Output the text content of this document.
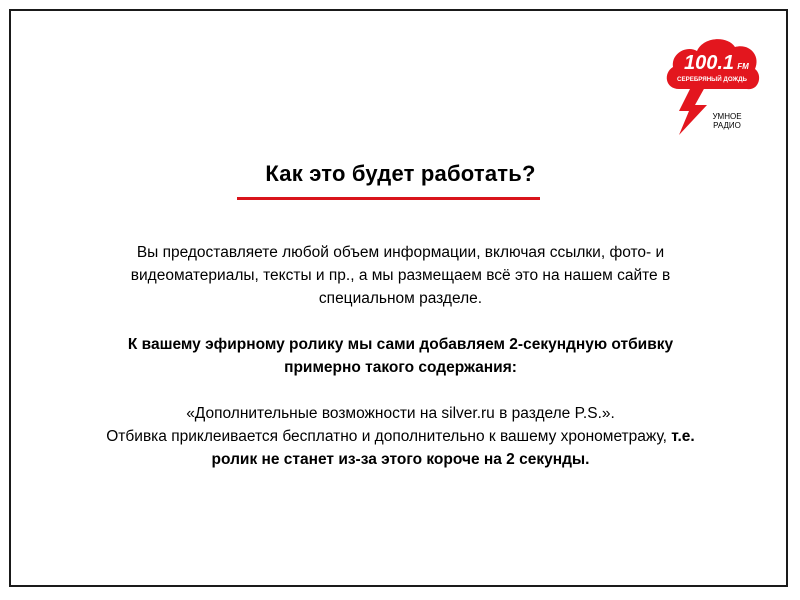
100.1 FM
СЕРЕБРЯНЫЙ ДОЖДЬ
УМНОЕ
РАДИО
Как это будет работать?

Вы предоставляете любой объем информации, включая ссылки, фото- и видеоматериалы, тексты и пр., а мы размещаем всё это на нашем сайте в специальном разделе.

К вашему эфирному ролику мы сами добавляем 2-секундную отбивку примерно такого содержания:

«Дополнительные возможности на silver.ru в разделе P.S.».
Отбивка приклеивается бесплатно и дополнительно к вашему хронометражу, т.е. ролик не станет из-за этого короче на 2 секунды.
